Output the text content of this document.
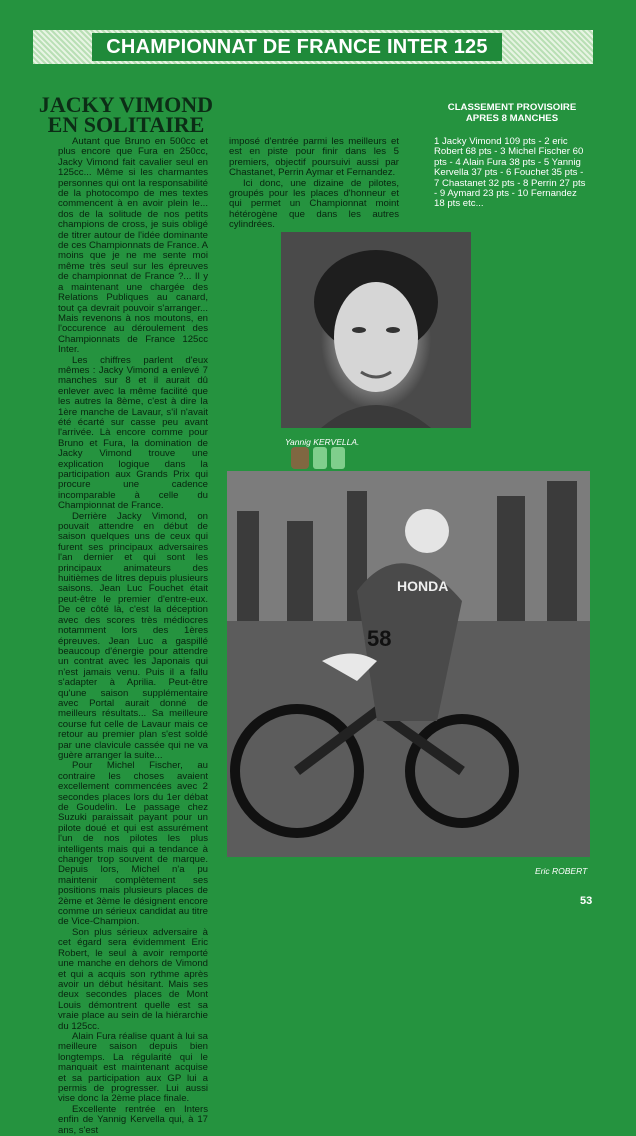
CHAMPIONNAT DE FRANCE INTER 125
JACKY VIMOND
EN SOLITAIRE

Autant que Bruno en 500cc et plus encore que Fura en 250cc, Jacky Vimond fait cavalier seul en 125cc... Même si les charmantes personnes qui ont la responsabilité de la photocompo de mes textes commencent à en avoir plein le... dos de la solitude de nos petits champions de cross, je suis obligé de titrer autour de l'idée dominante de ces Championnats de France. A moins que je ne me sente moi même très seul sur les épreuves de championnat de France ?... Il y a maintenant une chargée des Relations Publiques au canard, tout ça devrait pouvoir s'arranger... Mais revenons à nos moutons, en l'occurence au déroulement des Championnats de France 125cc Inter.

Les chiffres parlent d'eux mêmes : Jacky Vimond a enlevé 7 manches sur 8 et il aurait dû enlever avec la même facilité que les autres la 8ème, c'est à dire la 1ère manche de Lavaur, s'il n'avait été écarté sur casse peu avant l'arrivée. Là encore comme pour Bruno et Fura, la domination de Jacky Vimond trouve une explication logique dans la participation aux Grands Prix qui procure une cadence incomparable à celle du Championnat de France.

Derrière Jacky Vimond, on pouvait attendre en début de saison quelques uns de ceux qui furent ses principaux adversaires l'an dernier et qui sont les principaux animateurs des huitièmes de litres depuis plusieurs saisons. Jean Luc Fouchet était peut-être le premier d'entre-eux. De ce côté là, c'est la déception avec des scores très médiocres notamment lors des 1ères épreuves. Jean Luc a gaspillé beaucoup d'énergie pour attendre un contrat avec les Japonais qui n'est jamais venu. Puis il a fallu s'adapter à Aprilia. Peut-être qu'une saison supplémentaire avec Portal aurait donné de meilleurs résultats... Sa meilleure course fut celle de Lavaur mais ce retour au premier plan s'est soldé par une clavicule cassée qui ne va guère arranger la suite...

Pour Michel Fischer, au contraire les choses avaient excellement commencées avec 2 secondes places lors du 1er débat de Goudelin. Le passage chez Suzuki paraissait payant pour un pilote doué et qui est assurément l'un de nos pilotes les plus intelligents mais qui a tendance à changer trop souvent de marque. Depuis lors, Michel n'a pu maintenir complètement ses positions mais plusieurs places de 2ème et 3ème le désignent encore comme un sérieux candidat au titre de Vice-Champion.

Son plus sérieux adversaire à cet égard sera évidemment Eric Robert, le seul à avoir remporté une manche en dehors de Vimond et qui a acquis son rythme après avoir un début hésitant. Mais ses deux secondes places de Mont Louis démontrent quelle est sa vraie place au sein de la hiérarchie du 125cc.

Alain Fura réalise quant à lui sa meilleure saison depuis bien longtemps. La régularité qui le manquait est maintenant acquise et sa participation aux GP lui a permis de progresser. Lui aussi vise donc la 2ème place finale.

Excellente rentrée en Inters enfin de Yannig Kervella qui, à 17 ans, s'est

imposé d'entrée parmi les meilleurs et est en piste pour finir dans les 5 premiers, objectif poursuivi aussi par Chastanet, Perrin Aymar et Fernandez.

Ici donc, une dizaine de pilotes, groupés pour les places d'honneur et qui permet un Championnat moint hétérogène que dans les autres cylindrées.

CLASSEMENT PROVISOIRE
APRES 8 MANCHES

1 Jacky Vimond 109 pts - 2 eric Robert 68 pts - 3 Michel Fischer 60 pts - 4 Alain Fura 38 pts - 5 Yannig Kervella 37 pts - 6 Fouchet 35 pts - 7 Chastanet 32 pts - 8 Perrin 27 pts - 9 Aymard 23 pts - 10 Fernandez 18 pts etc...

Yannig KERVELLA.
58
HONDA
Eric ROBERT
53
